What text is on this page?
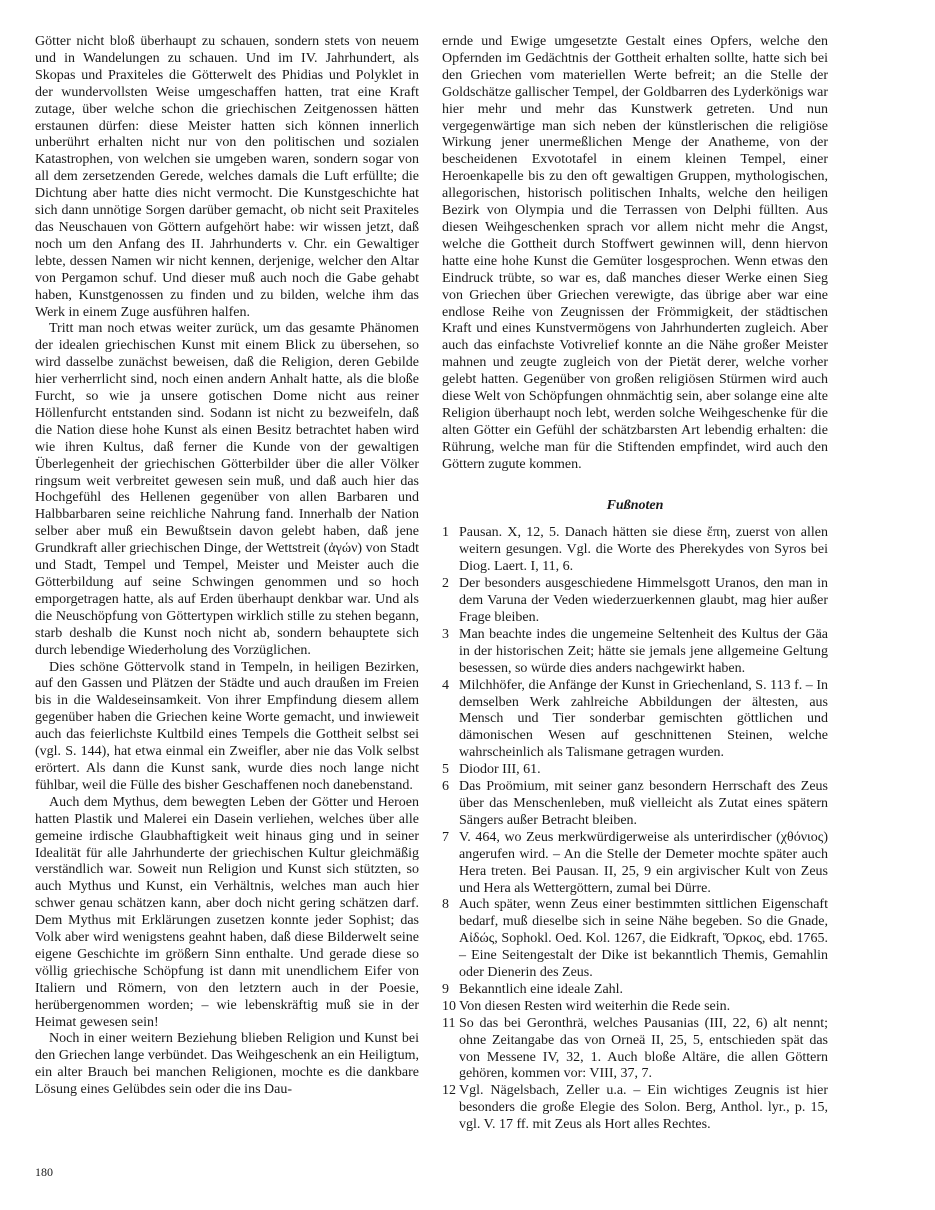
Götter nicht bloß überhaupt zu schauen, sondern stets von neuem und in Wandelungen zu schauen. Und im IV. Jahrhundert, als Skopas und Praxiteles die Götterwelt des Phidias und Polyklet in der wundervollsten Weise umgeschaffen hatten, trat eine Kraft zutage, über welche schon die griechischen Zeitgenossen hätten erstaunen dürfen: diese Meister hatten sich können innerlich unberührt erhalten nicht nur von den politischen und sozialen Katastrophen, von welchen sie umgeben waren, sondern sogar von all dem zersetzenden Gerede, welches damals die Luft erfüllte; die Dichtung aber hatte dies nicht vermocht. Die Kunstgeschichte hat sich dann unnötige Sorgen darüber gemacht, ob nicht seit Praxiteles das Neuschauen von Göttern aufgehört habe: wir wissen jetzt, daß noch um den Anfang des II. Jahrhunderts v. Chr. ein Gewaltiger lebte, dessen Namen wir nicht kennen, derjenige, welcher den Altar von Pergamon schuf. Und dieser muß auch noch die Gabe gehabt haben, Kunstgenossen zu finden und zu bilden, welche ihm das Werk in einem Zuge ausführen halfen.

Tritt man noch etwas weiter zurück, um das gesamte Phänomen der idealen griechischen Kunst mit einem Blick zu übersehen, so wird dasselbe zunächst beweisen, daß die Religion, deren Gebilde hier verherrlicht sind, noch einen andern Anhalt hatte, als die bloße Furcht, so wie ja unsere gotischen Dome nicht aus reiner Höllenfurcht entstanden sind. Sodann ist nicht zu bezweifeln, daß die Nation diese hohe Kunst als einen Besitz betrachtet haben wird wie ihren Kultus, daß ferner die Kunde von der gewaltigen Überlegenheit der griechischen Götterbilder über die aller Völker ringsum weit verbreitet gewesen sein muß, und daß auch hier das Hochgefühl des Hellenen gegenüber von allen Barbaren und Halbbarbaren seine reichliche Nahrung fand. Innerhalb der Nation selber aber muß ein Bewußtsein davon gelebt haben, daß jene Grundkraft aller griechischen Dinge, der Wettstreit (ἀγών) von Stadt und Stadt, Tempel und Tempel, Meister und Meister auch die Götterbildung auf seine Schwingen genommen und so hoch emporgetragen hatte, als auf Erden überhaupt denkbar war. Und als die Neuschöpfung von Göttertypen wirklich stille zu stehen begann, starb deshalb die Kunst noch nicht ab, sondern behauptete sich durch lebendige Wiederholung des Vorzüglichen.

Dies schöne Göttervolk stand in Tempeln, in heiligen Bezirken, auf den Gassen und Plätzen der Städte und auch draußen im Freien bis in die Waldeseinsamkeit. Von ihrer Empfindung diesem allem gegenüber haben die Griechen keine Worte gemacht, und inwieweit auch das feierlichste Kultbild eines Tempels die Gottheit selbst sei (vgl. S. 144), hat etwa einmal ein Zweifler, aber nie das Volk selbst erörtert. Als dann die Kunst sank, wurde dies noch lange nicht fühlbar, weil die Fülle des bisher Geschaffenen noch danebenstand.

Auch dem Mythus, dem bewegten Leben der Götter und Heroen hatten Plastik und Malerei ein Dasein verliehen, welches über alle gemeine irdische Glaubhaftigkeit weit hinaus ging und in seiner Idealität für alle Jahrhunderte der griechischen Kultur gleichmäßig verständlich war. Soweit nun Religion und Kunst sich stützten, so auch Mythus und Kunst, ein Verhältnis, welches man auch hier schwer genau schätzen kann, aber doch nicht gering schätzen darf. Dem Mythus mit Erklärungen zusetzen konnte jeder Sophist; das Volk aber wird wenigstens geahnt haben, daß diese Bilderwelt seine eigene Geschichte im größern Sinn enthalte. Und gerade diese so völlig griechische Schöpfung ist dann mit unendlichem Eifer von Italiern und Römern, von den letztern auch in der Poesie, herübergenommen worden; – wie lebenskräftig muß sie in der Heimat gewesen sein!

Noch in einer weitern Beziehung blieben Religion und Kunst bei den Griechen lange verbündet. Das Weihgeschenk an ein Heiligtum, ein alter Brauch bei manchen Religionen, mochte es die dankbare Lösung eines Gelübdes sein oder die ins Dau-

ernde und Ewige umgesetzte Gestalt eines Opfers, welche den Opfernden im Gedächtnis der Gottheit erhalten sollte, hatte sich bei den Griechen vom materiellen Werte befreit; an die Stelle der Goldschätze gallischer Tempel, der Goldbarren des Lyderkönigs war hier mehr und mehr das Kunstwerk getreten. Und nun vergegenwärtige man sich neben der künstlerischen die religiöse Wirkung jener unermeßlichen Menge der Anatheme, von der bescheidenen Exvototafel in einem kleinen Tempel, einer Heroenkapelle bis zu den oft gewaltigen Gruppen, mythologischen, allegorischen, historisch politischen Inhalts, welche den heiligen Bezirk von Olympia und die Terrassen von Delphi füllten. Aus diesen Weihgeschenken sprach vor allem nicht mehr die Angst, welche die Gottheit durch Stoffwert gewinnen will, denn hiervon hatte eine hohe Kunst die Gemüter losgesprochen. Wenn etwas den Eindruck trübte, so war es, daß manches dieser Werke einen Sieg von Griechen über Griechen verewigte, das übrige aber war eine endlose Reihe von Zeugnissen der Frömmigkeit, der städtischen Kraft und eines Kunstvermögens von Jahrhunderten zugleich. Aber auch das einfachste Votivrelief konnte an die Nähe großer Meister mahnen und zeugte zugleich von der Pietät derer, welche vorher gelebt hatten. Gegenüber von großen religiösen Stürmen wird auch diese Welt von Schöpfungen ohnmächtig sein, aber solange eine alte Religion überhaupt noch lebt, werden solche Weihgeschenke für die alten Götter ein Gefühl der schätzbarsten Art lebendig erhalten: die Rührung, welche man für die Stiftenden empfindet, wird auch den Göttern zugute kommen.

Fußnoten
1 Pausan. X, 12, 5. Danach hätten sie diese ἔπη, zuerst von allen weitern gesungen. Vgl. die Worte des Pherekydes von Syros bei Diog. Laert. I, 11, 6.
2 Der besonders ausgeschiedene Himmelsgott Uranos, den man in dem Varuna der Veden wiederzuerkennen glaubt, mag hier außer Frage bleiben.
3 Man beachte indes die ungemeine Seltenheit des Kultus der Gäa in der historischen Zeit; hätte sie jemals jene allgemeine Geltung besessen, so würde dies anders nachgewirkt haben.
4 Milchhöfer, die Anfänge der Kunst in Griechenland, S. 113 f. – In demselben Werk zahlreiche Abbildungen der ältesten, aus Mensch und Tier sonderbar gemischten göttlichen und dämonischen Wesen auf geschnittenen Steinen, welche wahrscheinlich als Talismane getragen wurden.
5 Diodor III, 61.
6 Das Proömium, mit seiner ganz besondern Herrschaft des Zeus über das Menschenleben, muß vielleicht als Zutat eines spätern Sängers außer Betracht bleiben.
7 V. 464, wo Zeus merkwürdigerweise als unterirdischer (χθόνιος) angerufen wird. – An die Stelle der Demeter mochte später auch Hera treten. Bei Pausan. II, 25, 9 ein argivischer Kult von Zeus und Hera als Wettergöttern, zumal bei Dürre.
8 Auch später, wenn Zeus einer bestimmten sittlichen Eigenschaft bedarf, muß dieselbe sich in seine Nähe begeben. So die Gnade, Αἰδώς, Sophokl. Oed. Kol. 1267, die Eidkraft, Ὅρκος, ebd. 1765. – Eine Seitengestalt der Dike ist bekanntlich Themis, Gemahlin oder Dienerin des Zeus.
9 Bekanntlich eine ideale Zahl.
10 Von diesen Resten wird weiterhin die Rede sein.
11 So das bei Geronthrä, welches Pausanias (III, 22, 6) alt nennt; ohne Zeitangabe das von Orneä II, 25, 5, entschieden spät das von Messene IV, 32, 1. Auch bloße Altäre, die allen Göttern gehören, kommen vor: VIII, 37, 7.
12 Vgl. Nägelsbach, Zeller u.a. – Ein wichtiges Zeugnis ist hier besonders die große Elegie des Solon. Berg, Anthol. lyr., p. 15, vgl. V. 17 ff. mit Zeus als Hort alles Rechtes.
180
